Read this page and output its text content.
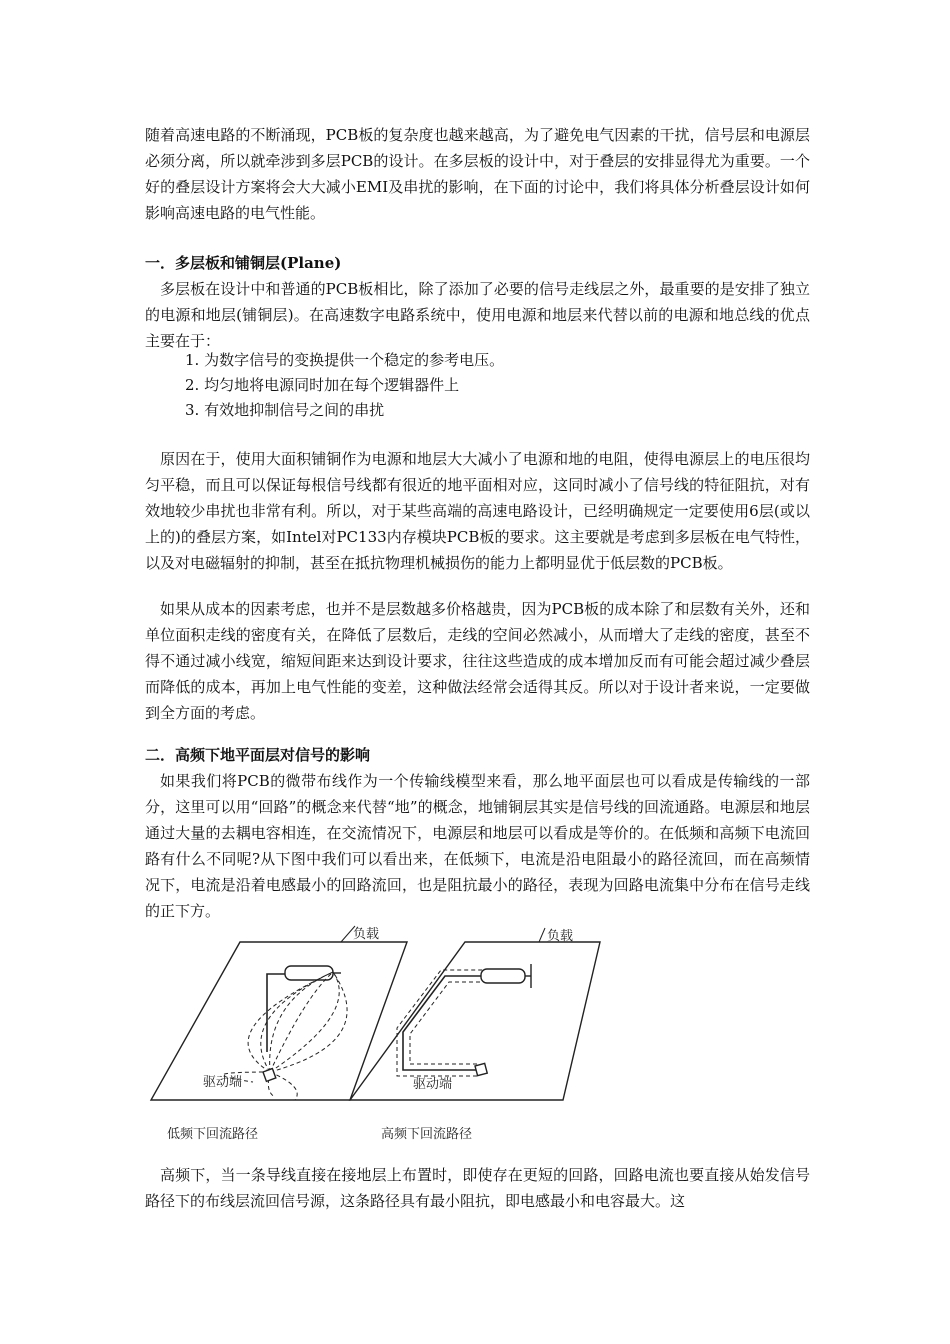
随着高速电路的不断涌现，PCB板的复杂度也越来越高，为了避免电气因素的干扰，信号层和电源层必须分离，所以就牵涉到多层PCB的设计。在多层板的设计中，对于叠层的安排显得尤为重要。一个好的叠层设计方案将会大大减小EMI及串扰的影响，在下面的讨论中，我们将具体分析叠层设计如何影响高速电路的电气性能。

一．多层板和铺铜层(Plane)

多层板在设计中和普通的PCB板相比，除了添加了必要的信号走线层之外，最重要的是安排了独立的电源和地层(铺铜层)。在高速数字电路系统中，使用电源和地层来代替以前的电源和地总线的优点主要在于：

1. 为数字信号的变换提供一个稳定的参考电压。
2. 均匀地将电源同时加在每个逻辑器件上
3. 有效地抑制信号之间的串扰

原因在于，使用大面积铺铜作为电源和地层大大减小了电源和地的电阻，使得电源层上的电压很均匀平稳，而且可以保证每根信号线都有很近的地平面相对应，这同时减小了信号线的特征阻抗，对有效地较少串扰也非常有利。所以，对于某些高端的高速电路设计，已经明确规定一定要使用6层(或以上的)的叠层方案，如Intel对PC133内存模块PCB板的要求。这主要就是考虑到多层板在电气特性，以及对电磁辐射的抑制，甚至在抵抗物理机械损伤的能力上都明显优于低层数的PCB板。

如果从成本的因素考虑，也并不是层数越多价格越贵，因为PCB板的成本除了和层数有关外，还和单位面积走线的密度有关，在降低了层数后，走线的空间必然减小，从而增大了走线的密度，甚至不得不通过减小线宽，缩短间距来达到设计要求，往往这些造成的成本增加反而有可能会超过减少叠层而降低的成本，再加上电气性能的变差，这种做法经常会适得其反。所以对于设计者来说，一定要做到全方面的考虑。

二．高频下地平面层对信号的影响

如果我们将PCB的微带布线作为一个传输线模型来看，那么地平面层也可以看成是传输线的一部分，这里可以用“回路”的概念来代替“地”的概念，地铺铜层其实是信号线的回流通路。电源层和地层通过大量的去耦电容相连，在交流情况下，电源层和地层可以看成是等价的。在低频和高频下电流回路有什么不同呢?从下图中我们可以看出来，在低频下，电流是沿电阻最小的路径流回，而在高频情况下，电流是沿着电感最小的回路流回，也是阻抗最小的路径，表现为回路电流集中分布在信号走线的正下方。

负载
驱动端
低频下回流路径
负载
驱动端
高频下回流路径

高频下，当一条导线直接在接地层上布置时，即使存在更短的回路，回路电流也要直接从始发信号路径下的布线层流回信号源，这条路径具有最小阻抗，即电感最小和电容最大。这
